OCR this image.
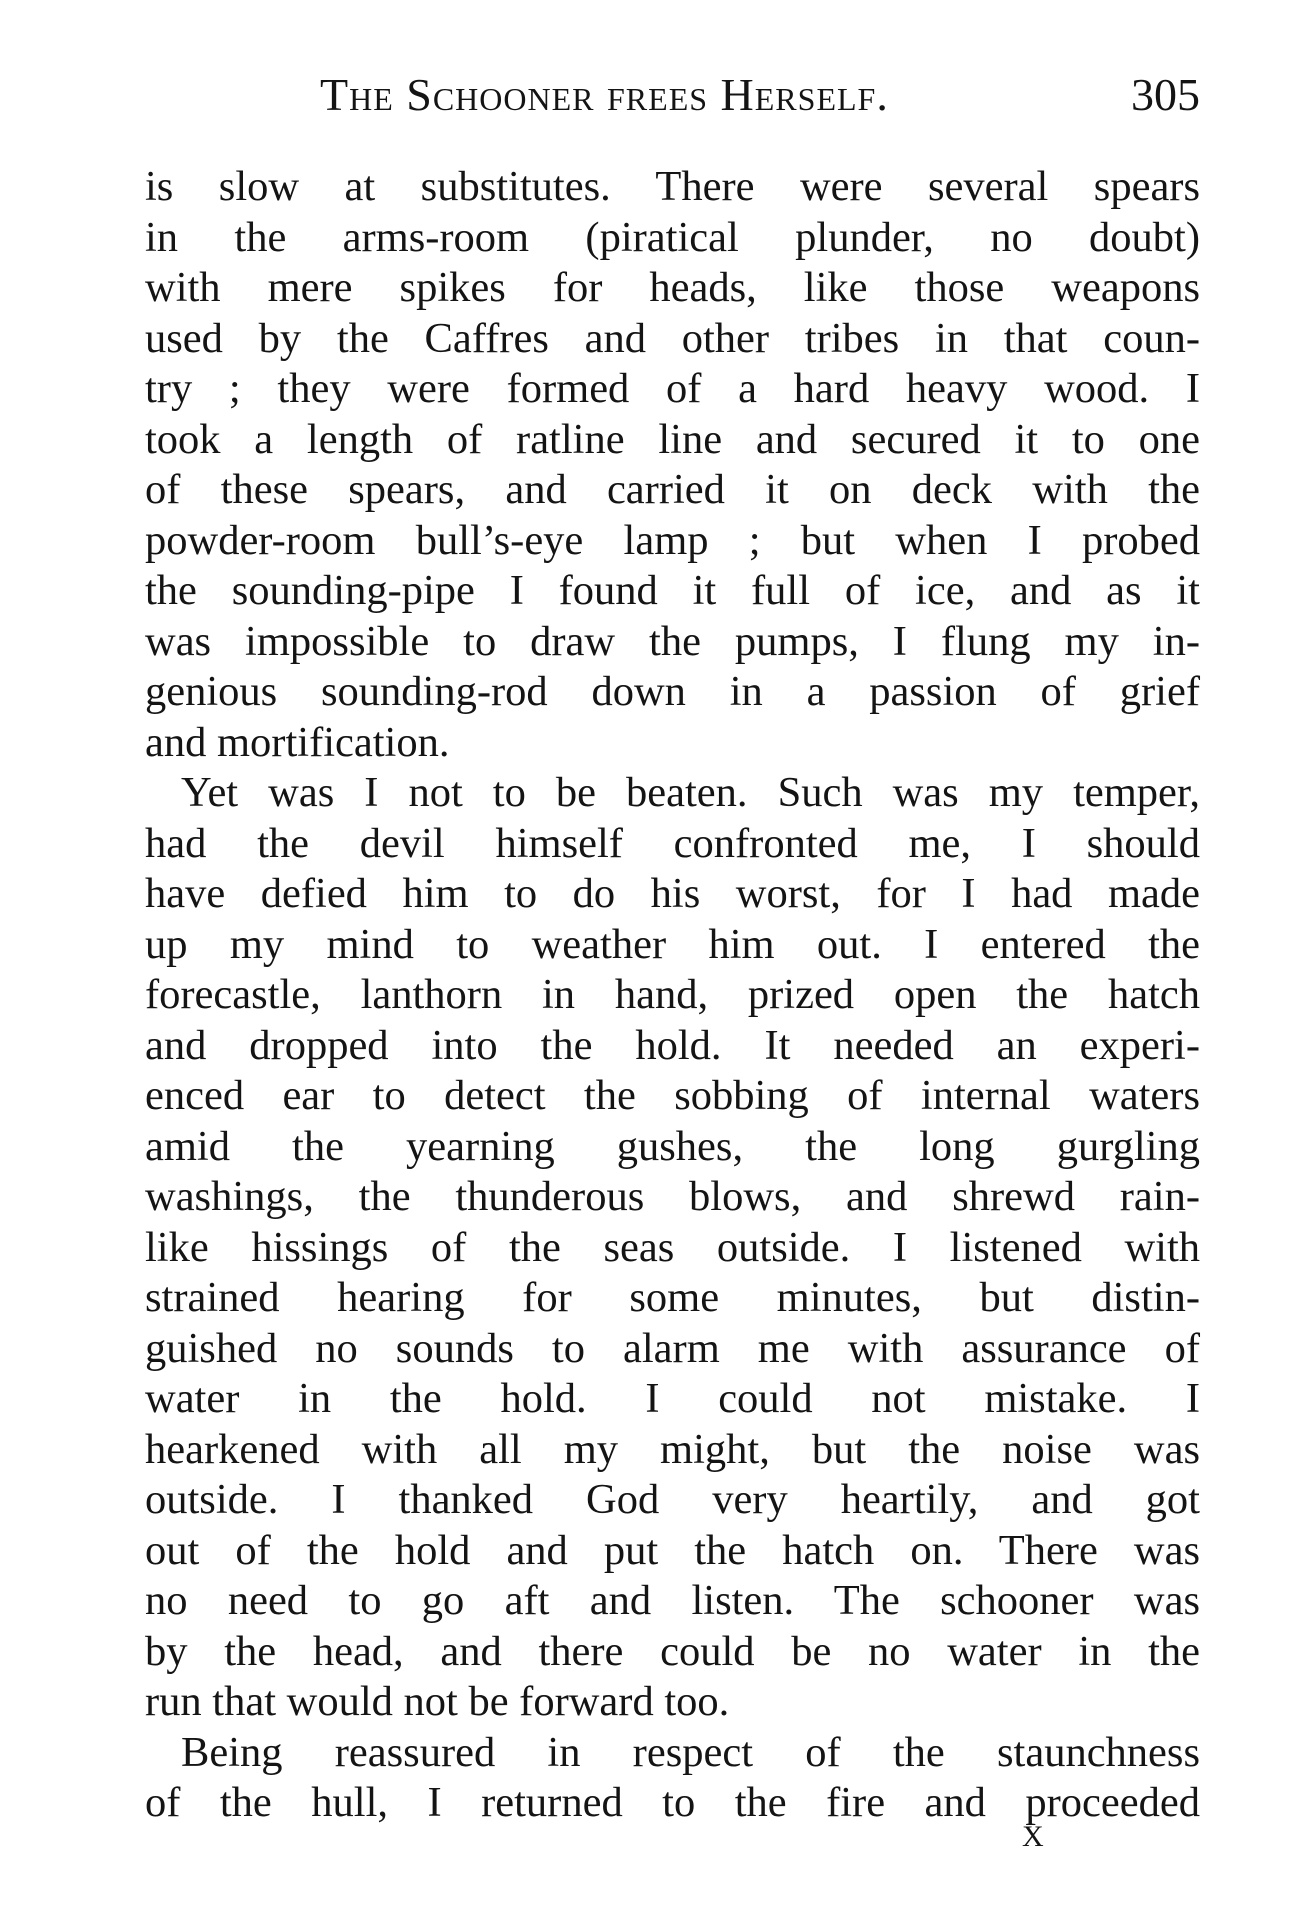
The Schooner frees Herself.	305
is slow at substitutes. There were several spears
in the arms-room (piratical plunder, no doubt)
with mere spikes for heads, like those weapons
used by the Caffres and other tribes in that coun-
try ; they were formed of a hard heavy wood. I
took a length of ratline line and secured it to one
of these spears, and carried it on deck with the
powder-room bull’s-eye lamp ; but when I probed
the sounding-pipe I found it full of ice, and as it
was impossible to draw the pumps, I flung my in-
genious sounding-rod down in a passion of grief
and mortification.
Yet was I not to be beaten. Such was my temper,
had the devil himself confronted me, I should
have defied him to do his worst, for I had made
up my mind to weather him out. I entered the
forecastle, lanthorn in hand, prized open the hatch
and dropped into the hold. It needed an experi-
enced ear to detect the sobbing of internal waters
amid the yearning gushes, the long gurgling
washings, the thunderous blows, and shrewd rain-
like hissings of the seas outside. I listened with
strained hearing for some minutes, but distin-
guished no sounds to alarm me with assurance of
water in the hold. I could not mistake. I
hearkened with all my might, but the noise was
outside. I thanked God very heartily, and got
out of the hold and put the hatch on. There was
no need to go aft and listen. The schooner was
by the head, and there could be no water in the
run that would not be forward too.
Being reassured in respect of the staunchness
of the hull, I returned to the fire and proceeded
X
